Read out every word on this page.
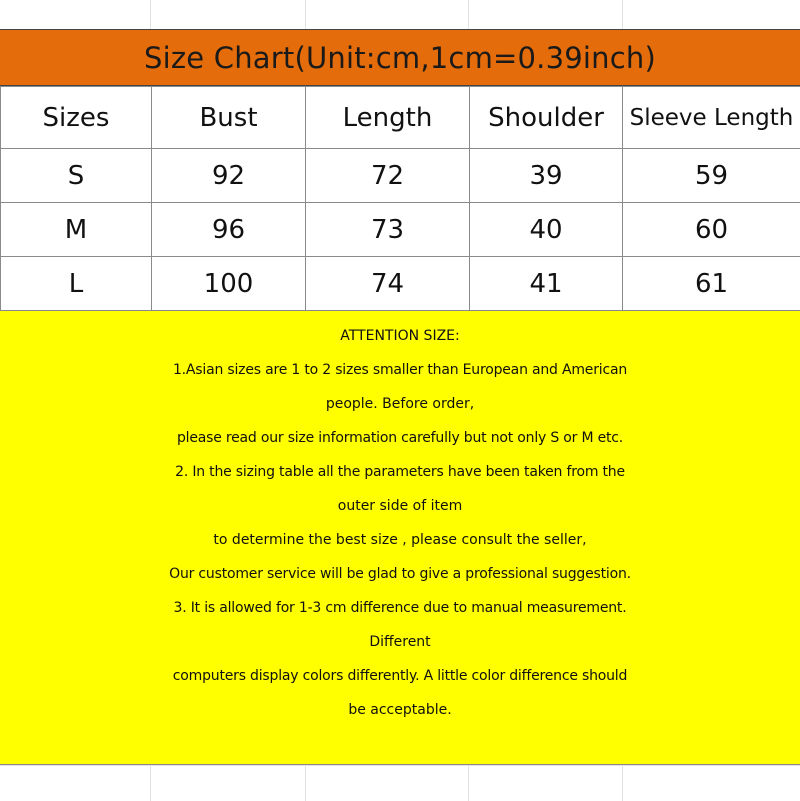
Size Chart(Unit:cm,1cm=0.39inch)
Sizes	Bust	Length	Shoulder	Sleeve Length
S	92	72	39	59
M	96	73	40	60
L	100	74	41	61
ATTENTION SIZE:
1.Asian sizes are 1 to 2 sizes smaller than European and American
people. Before order,
please read our size information carefully but not only S or M etc.
2. In the sizing table all the parameters have been taken from the
outer side of item
to determine the best size , please consult the seller,
Our customer service will be glad to give a professional suggestion.
3. It is allowed for 1-3 cm difference due to manual measurement.
Different
computers display colors differently. A little color difference should
be acceptable.
